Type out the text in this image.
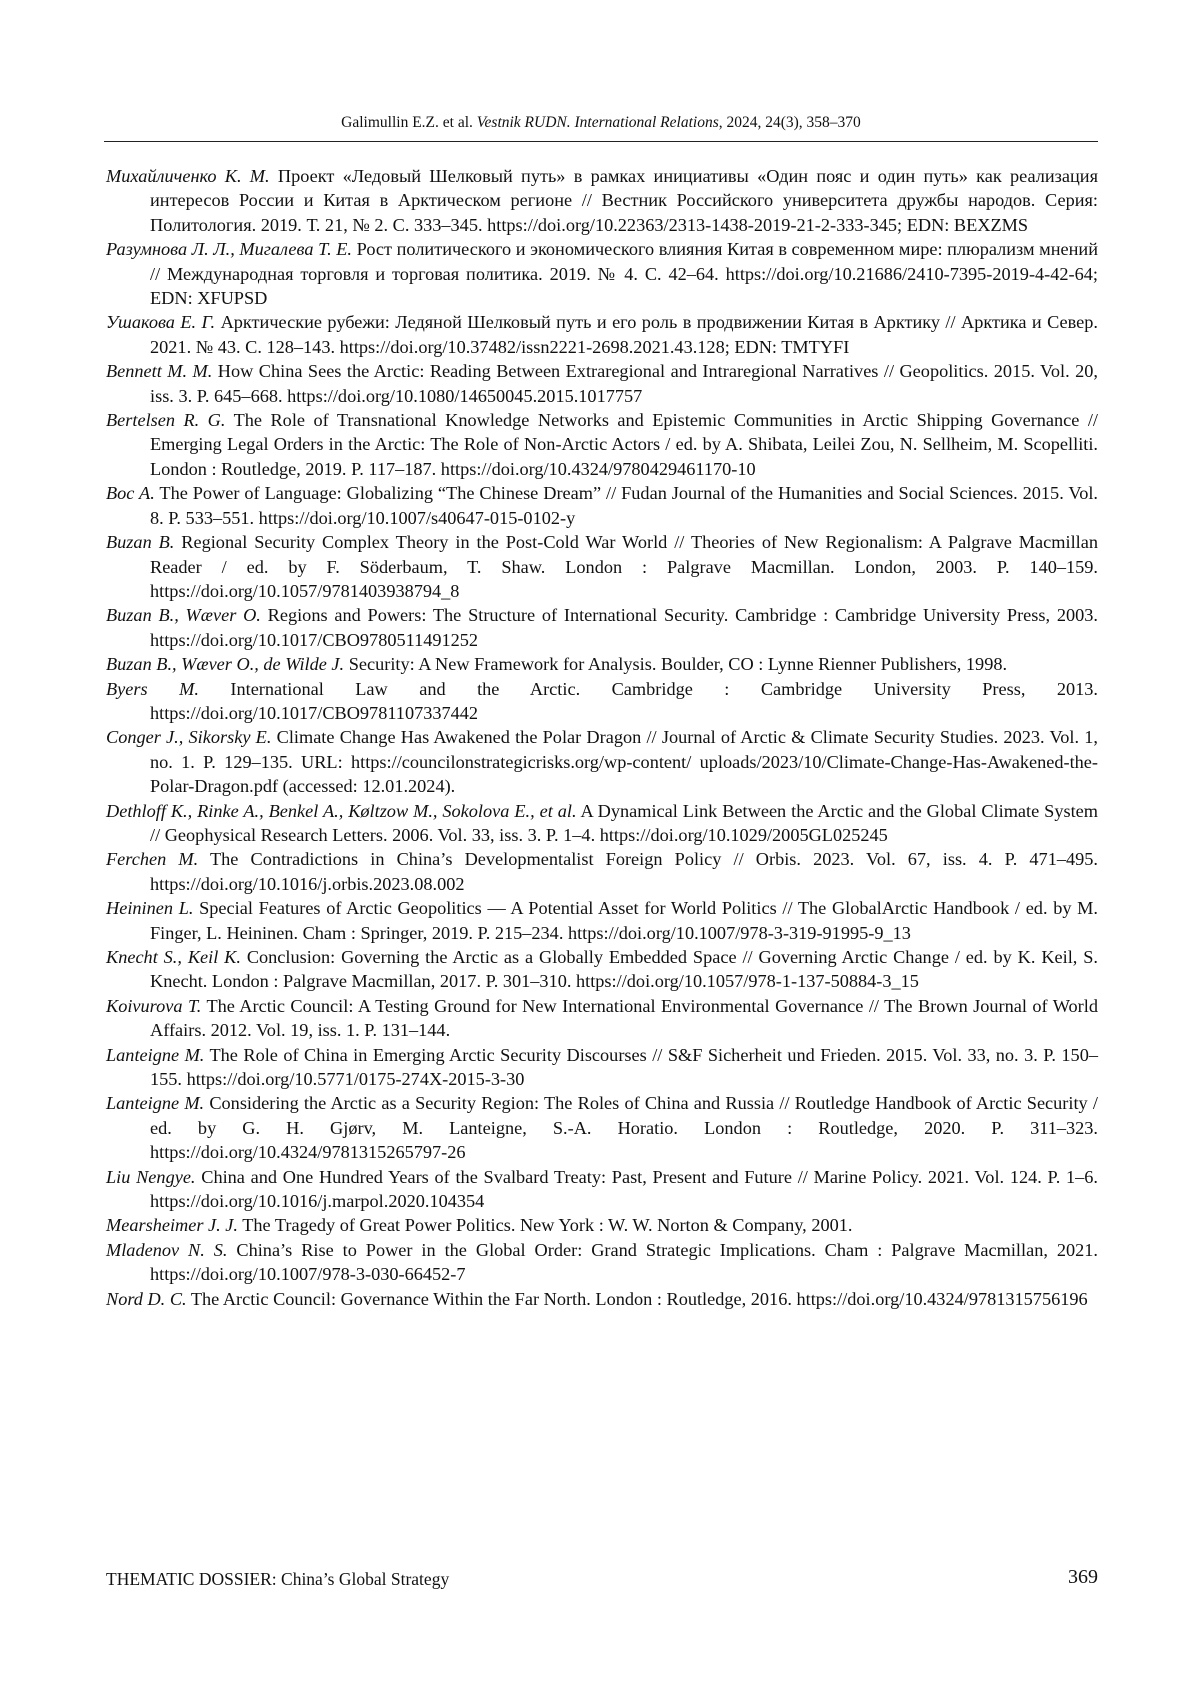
Galimullin E.Z. et al. Vestnik RUDN. International Relations, 2024, 24(3), 358–370

Михайличенко К. М. Проект «Ледовый Шелковый путь» в рамках инициативы «Один пояс и один путь» как реализация интересов России и Китая в Арктическом регионе // Вестник Российского университета дружбы народов. Серия: Политология. 2019. Т. 21, № 2. С. 333–345. https://doi.org/10.22363/2313-1438-2019-21-2-333-345; EDN: BEXZMS

Разумнова Л. Л., Мигалева Т. Е. Рост политического и экономического влияния Китая в современном мире: плюрализм мнений // Международная торговля и торговая политика. 2019. № 4. С. 42–64. https://doi.org/10.21686/2410-7395-2019-4-42-64; EDN: XFUPSD

Ушакова Е. Г. Арктические рубежи: Ледяной Шелковый путь и его роль в продвижении Китая в Арктику // Арктика и Север. 2021. № 43. С. 128–143. https://doi.org/10.37482/issn2221-2698.2021.43.128; EDN: TMTYFI

Bennett M. M. How China Sees the Arctic: Reading Between Extraregional and Intraregional Narratives // Geopolitics. 2015. Vol. 20, iss. 3. P. 645–668. https://doi.org/10.1080/14650045.2015.1017757

Bertelsen R. G. The Role of Transnational Knowledge Networks and Epistemic Communities in Arctic Shipping Governance // Emerging Legal Orders in the Arctic: The Role of Non-Arctic Actors / ed. by A. Shibata, Leilei Zou, N. Sellheim, M. Scopelliti. London : Routledge, 2019. P. 117–187. https://doi.org/10.4324/9780429461170-10

Boc A. The Power of Language: Globalizing “The Chinese Dream” // Fudan Journal of the Humanities and Social Sciences. 2015. Vol. 8. P. 533–551. https://doi.org/10.1007/s40647-015-0102-y

Buzan B. Regional Security Complex Theory in the Post-Cold War World // Theories of New Regionalism: A Palgrave Macmillan Reader / ed. by F. Söderbaum, T. Shaw. London : Palgrave Macmillan. London, 2003. P. 140–159. https://doi.org/10.1057/9781403938794_8

Buzan B., Wæver O. Regions and Powers: The Structure of International Security. Cambridge : Cambridge University Press, 2003. https://doi.org/10.1017/CBO9780511491252

Buzan B., Wæver O., de Wilde J. Security: A New Framework for Analysis. Boulder, CO : Lynne Rienner Publishers, 1998.

Byers M. International Law and the Arctic. Cambridge : Cambridge University Press, 2013. https://doi.org/10.1017/CBO9781107337442

Conger J., Sikorsky E. Climate Change Has Awakened the Polar Dragon // Journal of Arctic & Climate Security Studies. 2023. Vol. 1, no. 1. P. 129–135. URL: https://councilonstrategicrisks.org/wp-content/ uploads/2023/10/Climate-Change-Has-Awakened-the-Polar-Dragon.pdf (accessed: 12.01.2024).

Dethloff K., Rinke A., Benkel A., Køltzow M., Sokolova E., et al. A Dynamical Link Between the Arctic and the Global Climate System // Geophysical Research Letters. 2006. Vol. 33, iss. 3. P. 1–4. https://doi.org/10.1029/2005GL025245

Ferchen M. The Contradictions in China’s Developmentalist Foreign Policy // Orbis. 2023. Vol. 67, iss. 4. P. 471–495. https://doi.org/10.1016/j.orbis.2023.08.002

Heininen L. Special Features of Arctic Geopolitics — A Potential Asset for World Politics // The GlobalArctic Handbook / ed. by M. Finger, L. Heininen. Cham : Springer, 2019. P. 215–234. https://doi.org/10.1007/978-3-319-91995-9_13

Knecht S., Keil K. Conclusion: Governing the Arctic as a Globally Embedded Space // Governing Arctic Change / ed. by K. Keil, S. Knecht. London : Palgrave Macmillan, 2017. P. 301–310. https://doi.org/10.1057/978-1-137-50884-3_15

Koivurova T. The Arctic Council: A Testing Ground for New International Environmental Governance // The Brown Journal of World Affairs. 2012. Vol. 19, iss. 1. P. 131–144.

Lanteigne M. The Role of China in Emerging Arctic Security Discourses // S&F Sicherheit und Frieden. 2015. Vol. 33, no. 3. P. 150–155. https://doi.org/10.5771/0175-274X-2015-3-30

Lanteigne M. Considering the Arctic as a Security Region: The Roles of China and Russia // Routledge Handbook of Arctic Security / ed. by G. H. Gjørv, M. Lanteigne, S.-A. Horatio. London : Routledge, 2020. P. 311–323. https://doi.org/10.4324/9781315265797-26

Liu Nengye. China and One Hundred Years of the Svalbard Treaty: Past, Present and Future // Marine Policy. 2021. Vol. 124. P. 1–6. https://doi.org/10.1016/j.marpol.2020.104354

Mearsheimer J. J. The Tragedy of Great Power Politics. New York : W. W. Norton & Company, 2001.

Mladenov N. S. China’s Rise to Power in the Global Order: Grand Strategic Implications. Cham : Palgrave Macmillan, 2021. https://doi.org/10.1007/978-3-030-66452-7

Nord D. C. The Arctic Council: Governance Within the Far North. London : Routledge, 2016. https://doi.org/10.4324/9781315756196

THEMATIC DOSSIER: China’s Global Strategy	369
